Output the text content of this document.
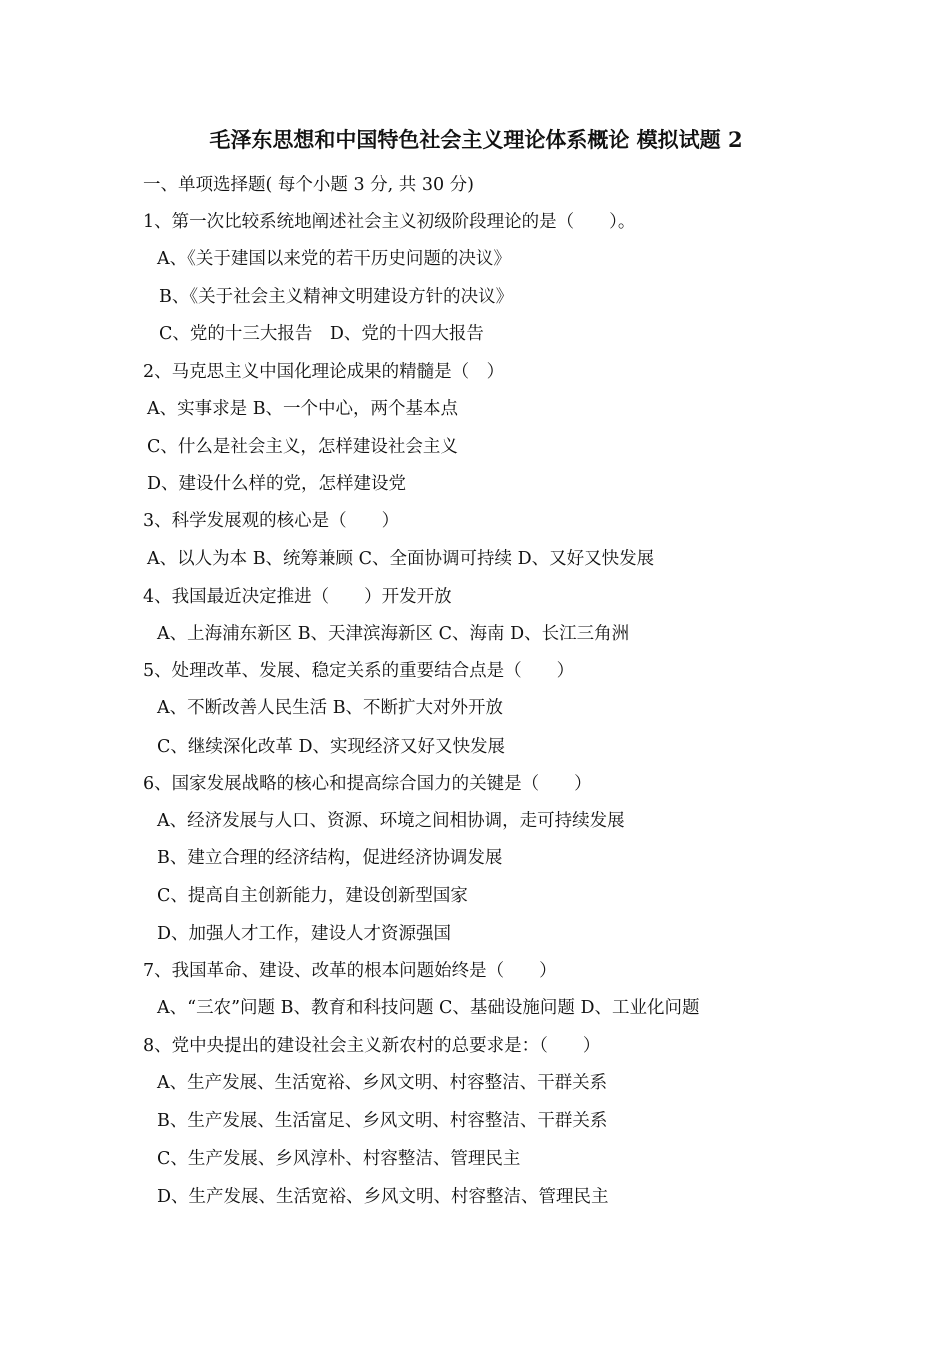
毛泽东思想和中国特色社会主义理论体系概论 模拟试题 2
一、单项选择题( 每个小题 3 分, 共 30 分)
1、第一次比较系统地阐述社会主义初级阶段理论的是（　　）。
A、《关于建国以来党的若干历史问题的决议》
B、《关于社会主义精神文明建设方针的决议》
C、党的十三大报告　D、党的十四大报告
2、马克思主义中国化理论成果的精髓是（　）
A、实事求是 B、一个中心，两个基本点
C、什么是社会主义，怎样建设社会主义
D、建设什么样的党，怎样建设党
3、科学发展观的核心是（　　）
A、以人为本 B、统筹兼顾 C、全面协调可持续 D、又好又快发展
4、我国最近决定推进（　　）开发开放
A、上海浦东新区 B、天津滨海新区 C、海南 D、长江三角洲
5、处理改革、发展、稳定关系的重要结合点是（　　）
A、不断改善人民生活 B、不断扩大对外开放
C、继续深化改革 D、实现经济又好又快发展
6、国家发展战略的核心和提高综合国力的关键是（　　）
A、经济发展与人口、资源、环境之间相协调，走可持续发展
B、建立合理的经济结构，促进经济协调发展
C、提高自主创新能力，建设创新型国家
D、加强人才工作，建设人才资源强国
7、我国革命、建设、改革的根本问题始终是（　　）
A、“三农”问题 B、教育和科技问题 C、基础设施问题 D、工业化问题
8、党中央提出的建设社会主义新农村的总要求是：（　　）
A、生产发展、生活宽裕、乡风文明、村容整洁、干群关系
B、生产发展、生活富足、乡风文明、村容整洁、干群关系
C、生产发展、乡风淳朴、村容整洁、管理民主
D、生产发展、生活宽裕、乡风文明、村容整洁、管理民主
